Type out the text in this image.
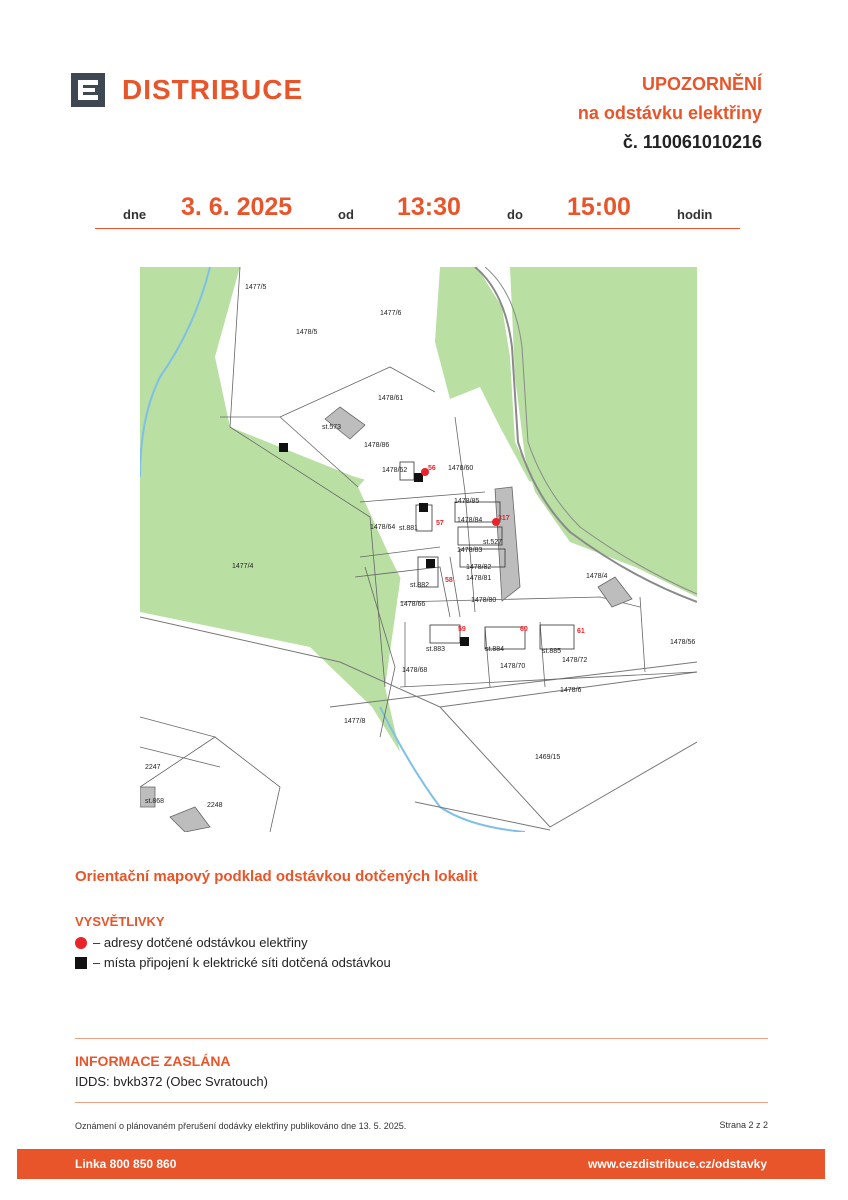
DISTRIBUCE	UPOZORNĚNÍ
na odstávku elektřiny
č. 110061010216
dne 3. 6. 2025	od 13:30	do 15:00	hodin
1477/5
1477/6
1478/5
1478/61
st.573
1478/86
1478/62	1478/60
1478/85
1478/84
1478/64 st.881
st.527
1478/83
1478/82
1478/81
1478/80
1477/4
st.882
1478/66
1478/4
st.883	st.884	st.885
1478/70
1478/72
1478/56
1478/68
1478/6
1477/8
1469/15
2247
st.868
2248
56
57
58
59	60	61
317
Orientační mapový podklad odstávkou dotčených lokalit
VYSVĚTLIVKY
– adresy dotčené odstávkou elektřiny
– místa připojení k elektrické síti dotčená odstávkou
INFORMACE ZASLÁNA
IDDS: bvkb372 (Obec Svratouch)
Oznámení o plánovaném přerušení dodávky elektřiny publikováno dne 13. 5. 2025.	Strana 2 z 2
Linka 800 850 860	www.cezdistribuce.cz/odstavky
